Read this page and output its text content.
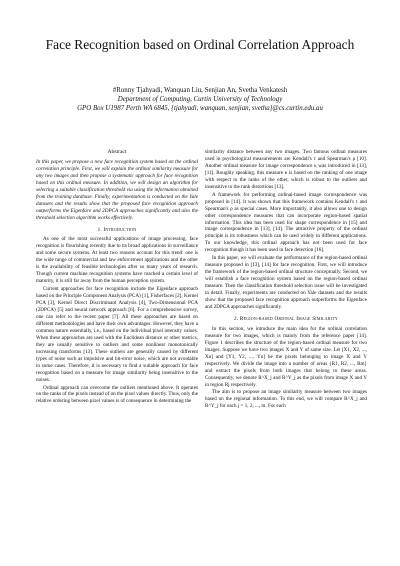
Face Recognition based on Ordinal Correlation Approach
#Ronny Tjahyadi, Wanquan Liu, Senjian An, Svetha Venkatesh
Department of Computing, Curtin University of Technology
GPO Box U1987 Perth WA 6845, {tjahyadi, wanquan, senjian, svetha}@cs.curtin.edu.au
Abstract

In this paper, we propose a new face recognition system based on the ordinal correlation principle. First, we will explain the ordinal similarity measure for any two images and then propose a systematic approach for face recognition based on this ordinal measure. In addition, we will design an algorithm for selecting a suitable classification threshold via using the information obtained from the training database. Finally, experimentation is conducted on the Yale datasets and the results show that the proposed face recognition approach outperforms the Eigenface and 2DPCA approaches significantly and also the threshold selection algorithm works effectively.

1. Introduction

As one of the most successful applications of image processing, face recognition is flourishing recently due to its broad applications in surveillance and some secure systems. At least two reasons account for this trend: one is the wide range of commercial and law enforcement applications and the other is the availability of feasible technologies after so many years of research. Though current machine recognition systems have reached a certain level of maturity, it is still far away from the human perception system.

Current approaches for face recognition include the Eigenface approach based on the Principle Component Analysis (PCA) [1], Fisherfaces [2], Kernel PCA [3], Kernel Direct Discriminant Analysis [4], Two-Dimensional PCA (2DPCA) [5] and neural network approach [6]. For a comprehensive survey, one can refer to the recent paper [7]. All these approaches are based on different methodologies and have their own advantages. However, they have a common nature essentially, i.e., based on the individual pixel intensity values. When these approaches are used with the Euclidean distance or other metrics, they are usually sensitive to outliers and some nonlinear monotonically increasing transforms [13]. These outliers are generally caused by different types of noise such as impulsive and bit-error noise, which are not avoidable in some cases. Therefore, it is necessary to find a suitable approach for face recognition based on a measure for image similarity being insensitive to the noises.

Ordinal approach can overcome the outliers mentioned above. It operates on the ranks of the pixels instead of on the pixel values directly. Thus, only the relative ordering between pixel values is of consequence in determining the

similarity distance between any two images. Two famous ordinal measures used in psychological measurements are Kendall's τ and Spearman's ρ [10]. Another ordinal measure for image correspondence κ was introduced in [13], [11]. Roughly speaking, this measure κ is based on the ranking of one image with respect to the ranks of the other, which is robust to the outliers and insensitive to the rank distortions [13].

A framework for performing ordinal-based image correspondence was proposed in [14]. It was shown that this framework contains Kendall's τ and Spearman's ρ as special cases. More importantly, it also allows one to design other correspondence measures that can incorporate region-based spatial information. This idea has been used for shape correspondence in [15] and image correspondence in [13], [14]. The attractive property of the ordinal principle is its robustness which can be used widely in different applications. To our knowledge, this ordinal approach has not been used for face recognition though it has been used in face detection [16].

In this paper, we will evaluate the performance of the region-based ordinal measure proposed in [13], [14] for face recognition. First, we will introduce the framework of the region-based ordinal structure conceptually. Second, we will establish a face recognition system based on the region-based ordinal measure. Then the classification threshold selection issue will be investigated in detail. Finally, experiments are conducted on Yale datasets and the results show that the proposed face recognition approach outperforms the Eigenface and 2DPCA approaches significantly.

2. Region-based Ordinal Image Similarity

In this section, we introduce the main idea for the ordinal correlation measure for two images, which is mainly from the reference paper [14]. Figure 1 describes the structure of the region-based ordinal measure for two images. Suppose we have two images X and Y of same size. Let [X1, X2, ..., Xn] and [Y1, Y2, ..., Yn] be the pixels belonging to image X and Y respectively. We divide the image into a number of areas {R1, R2, ..., Rm} and extract the pixels from both images that belong to these areas. Consequently, we denote R^X_j and R^Y_j as the pixels from image X and Y in region Rj respectively.

The aim is to propose an image similarity measure between two images based on the regional information. To this end, we will compare R^X_j and R^Y_j for each j = 1, 2, ..., m. For each
